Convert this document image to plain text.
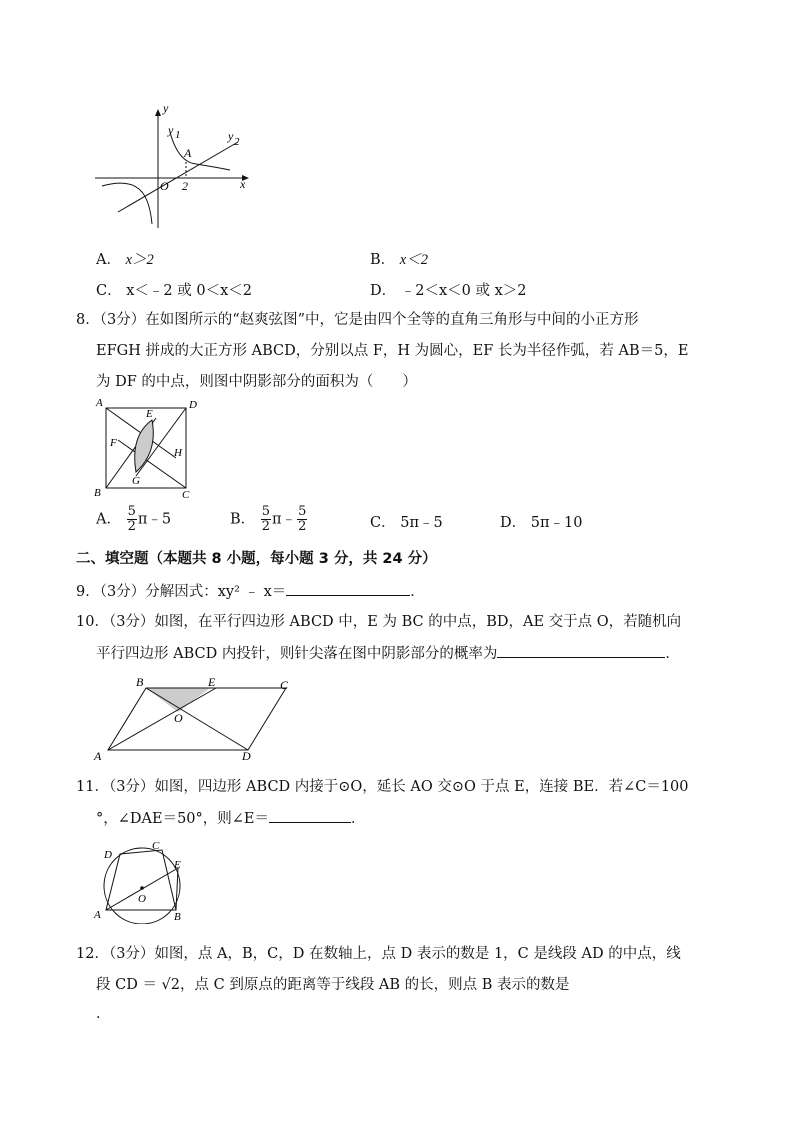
y
y 1	y 2
A
O 2	x
A． x＞2	B． x＜2
C． x＜﹣2 或 0＜x＜2	D． ﹣2＜x＜0 或 x＞2
8．（3分）在如图所示的“赵爽弦图”中，它是由四个全等的直角三角形与中间的小正方形
EFGH 拼成的大正方形 ABCD，分别以点 F，H 为圆心，EF 长为半径作弧，若 AB＝5，E
为 DF 的中点，则图中阴影部分的面积为（　　）
A	D
E
F
H
G
B	C
A． $\frac{5}{2}$ π﹣5	B． $\frac{5}{2}$ π﹣ $\frac{5}{2}$	C． 5π﹣5	D． 5π﹣10
二、填空题（本题共 8 小题，每小题 3 分，共 24 分）
9．（3分）分解因式：xy² ﹣ x＝	．
10．（3分）如图，在平行四边形 ABCD 中，E 为 BC 的中点，BD，AE 交于点 O，若随机向
平行四边形 ABCD 内投针，则针尖落在图中阴影部分的概率为	．
B	E	C
O
A	D
11．（3分）如图，四边形 ABCD 内接于⊙O，延长 AO 交⊙O 于点 E，连接 BE．若∠C＝100
°，∠DAE＝50°，则∠E＝	．
D
C
E
O
A	B
12．（3分）如图，点 A，B，C，D 在数轴上，点 D 表示的数是 1，C 是线段 AD 的中点，线
段 CD ＝ √2，点 C 到原点的距离等于线段 AB 的长，则点 B 表示的数是
．
